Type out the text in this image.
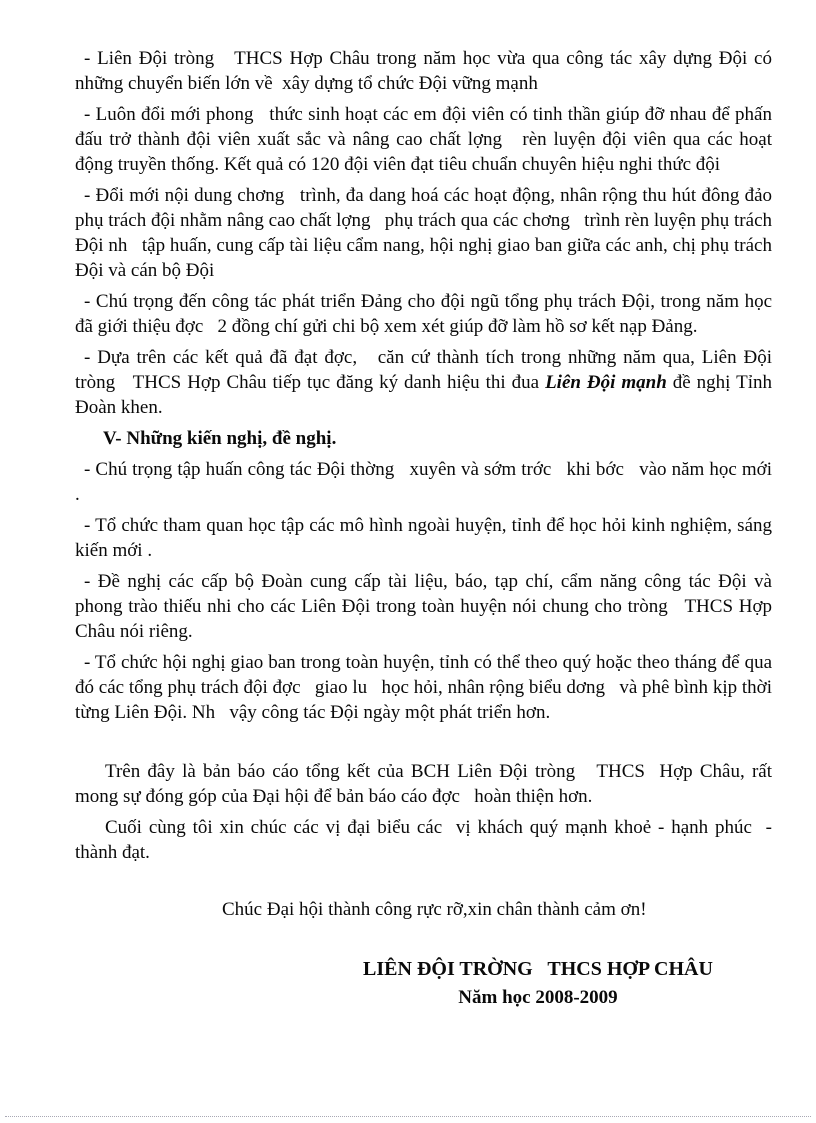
- Liên Đội tròng   THCS Hợp Châu trong năm học vừa qua công tác xây dựng Đội có những chuyển biến lớn về  xây dựng tổ chức Đội vững mạnh

- Luôn đổi mới phong   thức sinh hoạt các em đội viên có tinh thần giúp đỡ nhau để phấn đấu trở thành đội viên xuất sắc và nâng cao chất lợng   rèn luyện đội viên qua các hoạt động truyền thống. Kết quả có 120 đội viên đạt tiêu chuẩn chuyên hiệu nghi thức đội

- Đổi mới nội dung chơng   trình, đa dang hoá các hoạt động, nhân rộng thu hút đông đảo phụ trách đội nhằm nâng cao chất lợng   phụ trách qua các chơng   trình rèn luyện phụ trách Đội nh   tập huấn, cung cấp tài liệu cẩm nang, hội nghị giao ban giữa các anh, chị phụ trách Đội và cán bộ Đội

- Chú trọng đến công tác phát triển Đảng cho đội ngũ tổng phụ trách Đội, trong năm học đã giới thiệu đợc   2 đồng chí gửi chi bộ xem xét giúp đỡ làm hồ sơ kết nạp Đảng.

- Dựa trên các kết quả đã đạt đợc,   căn cứ thành tích trong những năm qua, Liên Đội tròng   THCS Hợp Châu tiếp tục đăng ký danh hiệu thi đua Liên Đội mạnh đề nghị Tỉnh Đoàn khen.

V- Những kiến nghị, đề nghị.

- Chú trọng tập huấn công tác Đội thờng   xuyên và sớm trớc   khi bớc   vào năm học mới .

- Tổ chức tham quan học tập các mô hình ngoài huyện, tỉnh để học hỏi kinh nghiệm, sáng kiến mới .

- Đề nghị các cấp bộ Đoàn cung cấp tài liệu, báo, tạp chí, cẩm năng công tác Đội và phong trào thiếu nhi cho các Liên Đội trong toàn huyện nói chung cho tròng   THCS Hợp Châu nói riêng.

- Tổ chức hội nghị giao ban trong toàn huyện, tỉnh có thể theo quý hoặc theo tháng để qua đó các tổng phụ trách đội đợc   giao lu   học hỏi, nhân rộng biểu dơng   và phê bình kịp thời từng Liên Đội. Nh   vậy công tác Đội ngày một phát triển hơn.

Trên đây là bản báo cáo tổng kết của BCH Liên Đội tròng   THCS  Hợp Châu, rất mong sự đóng góp của Đại hội để bản báo cáo đợc   hoàn thiện hơn.

Cuối cùng tôi xin chúc các vị đại biểu các  vị khách quý mạnh khoẻ - hạnh phúc  - thành đạt.

Chúc Đại hội thành công rực rỡ,xin chân thành cảm ơn!

LIÊN ĐỘI TRỜNG   THCS HỢP CHÂU

Năm học 2008-2009
